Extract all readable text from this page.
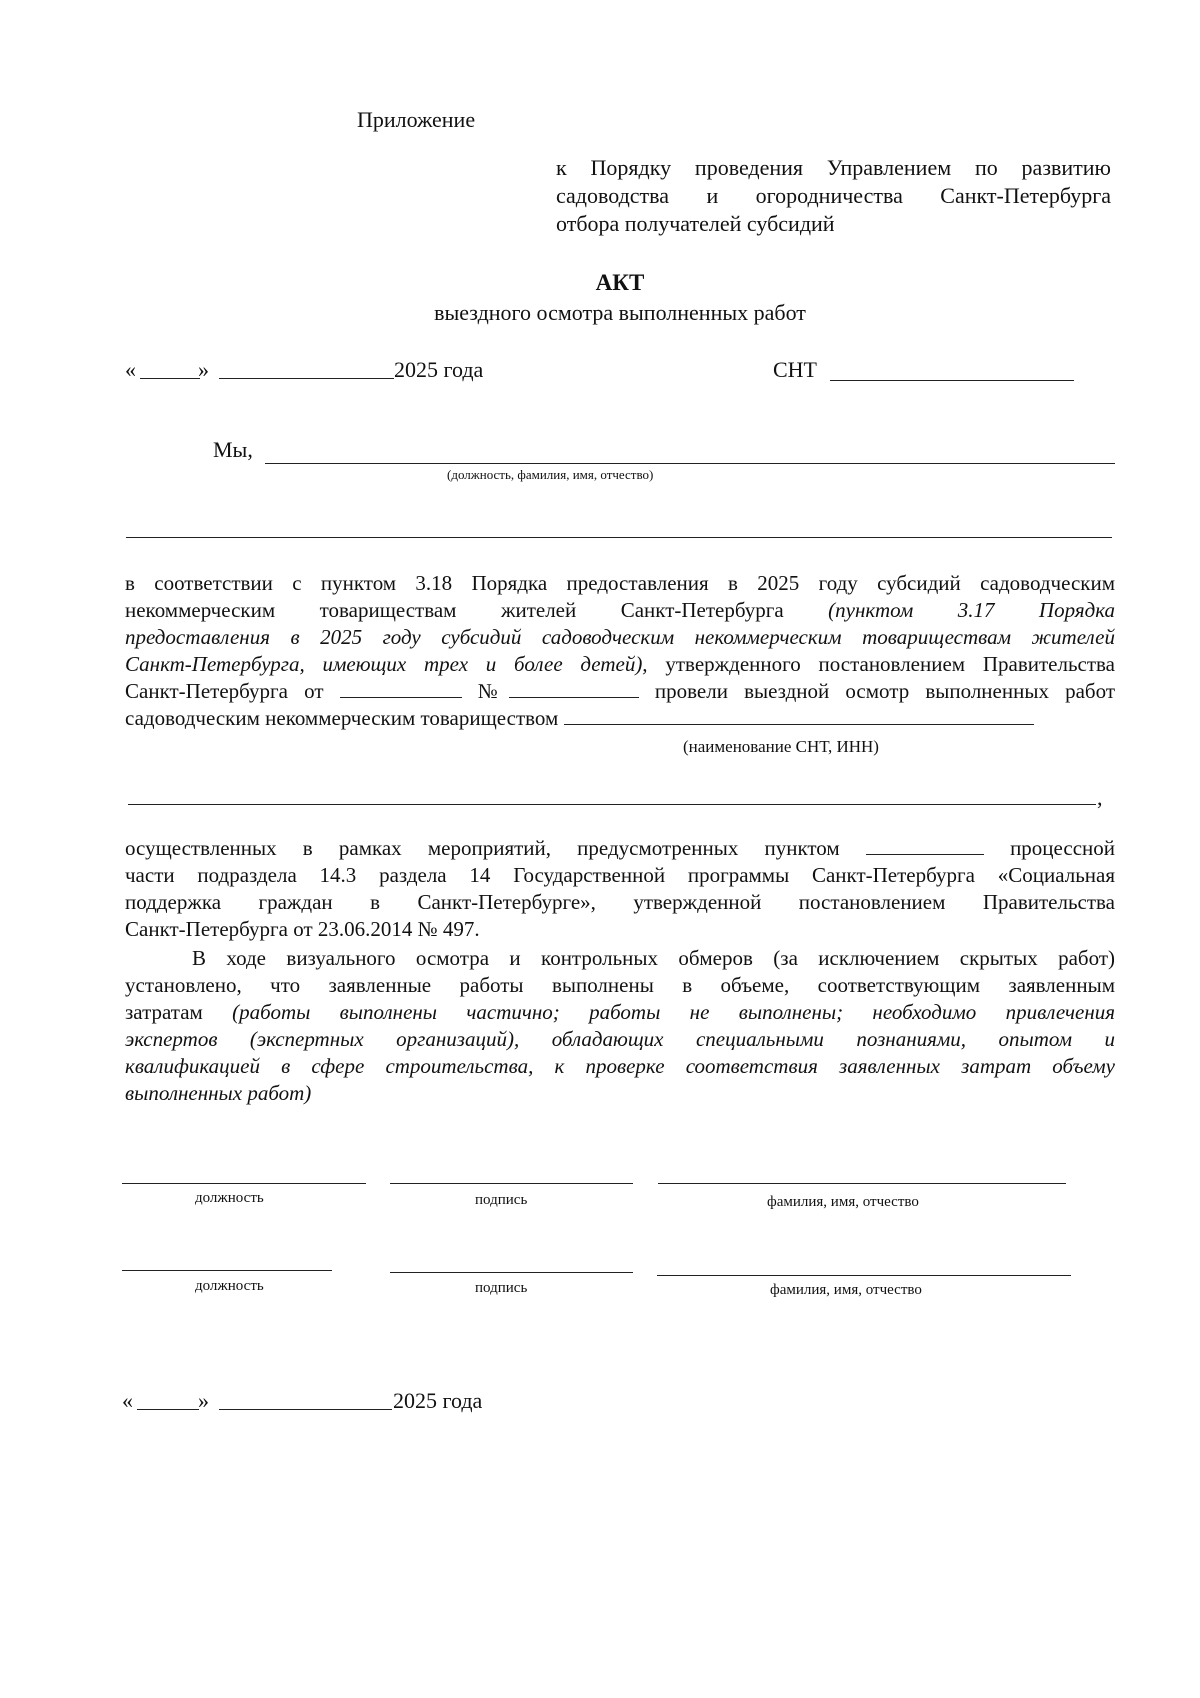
Приложение
к Порядку проведения Управлением по развитию
садоводства и огородничества Санкт-Петербурга
отбора получателей субсидий
АКТ
выездного осмотра выполненных работ
«	»	2025 года	СНТ
Мы,
(должность, фамилия, имя, отчество)
в соответствии с пунктом 3.18 Порядка предоставления в 2025 году субсидий садоводческим
некоммерческим товариществам жителей Санкт-Петербурга (пунктом 3.17 Порядка
предоставления в 2025 году субсидий садоводческим некоммерческим товариществам жителей
Санкт-Петербурга, имеющих трех и более детей), утвержденного постановлением Правительства
Санкт-Петербурга от	№	провели выездной осмотр выполненных работ
садоводческим некоммерческим товариществом
(наименование СНТ, ИНН)
,
осуществленных в рамках мероприятий, предусмотренных пунктом	процессной
части подраздела 14.3 раздела 14 Государственной программы Санкт-Петербурга «Социальная
поддержка граждан в Санкт-Петербурге», утвержденной постановлением Правительства
Санкт-Петербурга от 23.06.2014 № 497.
В ходе визуального осмотра и контрольных обмеров (за исключением скрытых работ)
установлено, что заявленные работы выполнены в объеме, соответствующим заявленным
затратам (работы выполнены частично; работы не выполнены; необходимо привлечения
экспертов (экспертных организаций), обладающих специальными познаниями, опытом и
квалификацией в сфере строительства, к проверке соответствия заявленных затрат объему
выполненных работ)
должность	подпись	фамилия, имя, отчество
должность	подпись	фамилия, имя, отчество
«	»	2025 года
